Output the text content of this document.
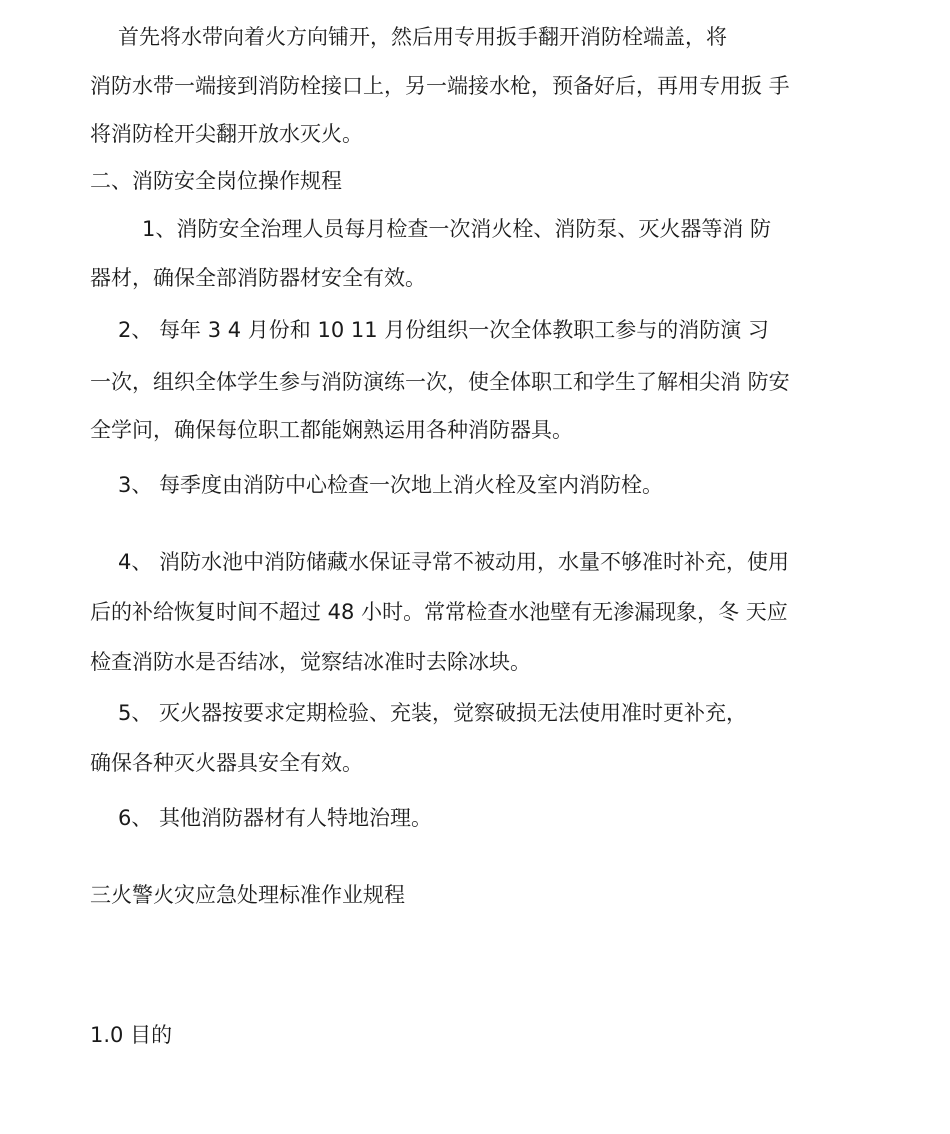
首先将水带向着火方向铺开，然后用专用扳手翻开消防栓端盖，将
消防水带一端接到消防栓接口上，另一端接水枪，预备好后，再用专用扳 手
将消防栓开尖翻开放水灭火。
二、消防安全岗位操作规程
1、消防安全治理人员每月检查一次消火栓、消防泵、灭火器等消 防
器材，确保全部消防器材安全有效。
2、 每年 3 4 月份和 10 11 月份组织一次全体教职工参与的消防演 习
一次，组织全体学生参与消防演练一次，使全体职工和学生了解相尖消 防安
全学问，确保每位职工都能娴熟运用各种消防器具。
3、 每季度由消防中心检查一次地上消火栓及室内消防栓。
4、 消防水池中消防储藏水保证寻常不被动用，水量不够准时补充，使用
后的补给恢复时间不超过 48 小时。常常检查水池壁有无渗漏现象，冬 天应
检查消防水是否结冰，觉察结冰准时去除冰块。
5、 灭火器按要求定期检验、充装，觉察破损无法使用准时更补充，
确保各种灭火器具安全有效。
6、 其他消防器材有人特地治理。
三火警火灾应急处理标准作业规程
1.0 目的
